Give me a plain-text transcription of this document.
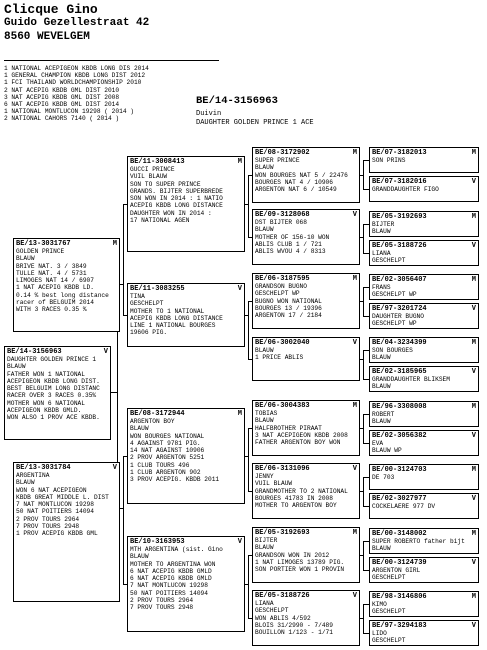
Clicque Gino
Guido Gezellestraat 42
8560 WEVELGEM
1 NATIONAL ACEPIGEON KBDB LONG DIS 2014
1 GENERAL CHAMPION KBDB LONG DIST 2012
1 FCI THAILAND WORLDCHAMPIONSHIP 2010
2 NAT ACEPIG KBDB GML DIST 2010
3 NAT ACEPIG KBDB GML DIST 2008
6 NAT ACEPIG KBDB GML DIST 2014
1 NATIONAL MONTLUCON 19298 ( 2014 )
2 NATIONAL CAHORS 7140 ( 2014 )
BE/14-3156963
Duivin
DAUGHTER GOLDEN PRINCE 1 ACE
BE/14-3156963	V
DAUGHTER GOLDEN PRINCE 1
BLAUW
FATHER WON 1 NATIONAL
ACEPIGEON KBDB LONG DIST.
BEST BELGUIM LONG DISTANC
RACER OVER 3 RACES 0.35%
MOTHER WON 6 NATIONAL
ACEPIGEON KBDB GMLD.
WON ALSO 1 PROV ACE KBDB.
BE/13-3031767	M
GOLDEN PRINCE
BLAUW
BRIVE NAT. 3 / 3849
TULLE NAT. 4 / 5731
LIMOGES NAT 14 / 6907
1 NAT ACEPIG KBDB LD.
0.14 % best long distance
racer of BELGUIM 2014
WITH 3 RACES 0.35 %
BE/13-3031784	V
ARGENTINA
BLAUW
WON 6 NAT ACEPIGEON
KBDB GREAT MIDDLE L. DIST
7 NAT MONTLUCON 19298
50 NAT POITIERS 14094
2 PROV TOURS 2964
7 PROV TOURS 2948
1 PROV ACEPIG KBDB GML
BE/11-3008413	M
GUCCI PRINCE
VUIL BLAUW
SON TO SUPER PRINCE
GRANDS. BIJTER SUPERBREDE
SON WON IN 2014 : 1 NATIO
ACEPIG KBDB LONG DISTANCE
DAUGHTER WON IN 2014 :
17 NATIONAL AGEN
BE/11-3083255	V
TINA
GESCHELPT
MOTHER TO 1 NATIONAL
ACEPIG KBDB LONG DISTANCE
LINE 1 NATIONAL BOURGES
19606 PIG.
BE/08-3172944	M
ARGENTON BOY
BLAUW
WON BOURGES NATIONAL
4 AGAINST 9781 PIG.
14 NAT AGAINST 10906
2 PROV ARGENTON 5251
1 CLUB TOURS 496
1 CLUB ARGENTON 902
3 PROV ACEPIG. KBDB 2011
BE/10-3163953	V
MTH ARGENTINA (sist. Gino
BLAUW
MOTHER TO ARGENTINA WON
6 NAT ACEPIG KBDB GMLD
6 NAT ACEPIG KBDB GMLD
7 NAT MONTLUCON 19298
50 NAT POITIERS 14094
2 PROV TOURS 2964
7 PROV TOURS 2948
BE/08-3172902	M
SUPER PRINCE
BLAUW
WON BOURGES NAT 5 / 22476
BOURGES NAT 4 / 10906
ARGENTON NAT 6 / 10549
BE/09-3128068	V
DST BIJTER 068
BLAUW
MOTHER OF 156-10 WON
ABLIS CLUB 1 / 721
ABLIS WVOU 4 / 8313
BE/06-3187595	M
GRANDSON BUGNO
GESCHELPT WP
BUGNO WON NATIONAL
BOURGES 13 / 19396
ARGENTON 17 / 2184
BE/06-3002040	V
BLAUW
1 PRICE ABLIS
BE/06-3004383	M
TOBIAS
BLAUW
HALFBROTHER PIRAAT
3 NAT ACEPIGEON KBDB 2008
FATHER ARGENTON BOY WON
BE/06-3131096	V
JENNY
VUIL BLAUW
GRANDMOTHER TO 2 NATIONAL
BOURGES 41783 IN 2008
MOTHER TO ARGENTON BOY
BE/05-3192693	M
BIJTER
BLAUW
GRANDSON WON IN 2012
1 NAT LIMOGES 13789 PIG.
SON PORTIER WON 1 PROVIN
BE/05-3188726	V
LIANA
GESCHELPT
WON ABLIS 4/592
BLOIS 31/2990 - 7/489
BOUILLON 1/123 - 1/71
BE/07-3182013	M
SON PRINS
BE/07-3182016	V
GRANDDAUGHTER FIGO
BE/05-3192693	M
BIJTER
BLAUW
BE/05-3188726	V
LIANA
GESCHELPT
BE/02-3056407	M
FRANS
GESCHELPT WP
BE/97-3201724	V
DAUGHTER BUGNO
GESCHELPT WP
BE/04-3234399	M
SON BOURGES
BLAUW
BE/02-3185965	V
GRANDDAUGHTER BLIKSEM
BLAUW
BE/96-3308008	M
ROBERT
BLAUW
BE/02-3056382	V
EVA
BLAUW WP
BE/00-3124703	M
DE 703
BE/02-3027977	V
COCKELAERE 977 DV
BE/00-3148002	M
SUPER ROBERTO father bijt
BLAUW
BE/00-3124739	V
ARGENTON GIRL
GESCHELPT
BE/98-3146806	M
KIMO
GESCHELPT
BE/97-3294183	V
LIDO
GESCHELPT
